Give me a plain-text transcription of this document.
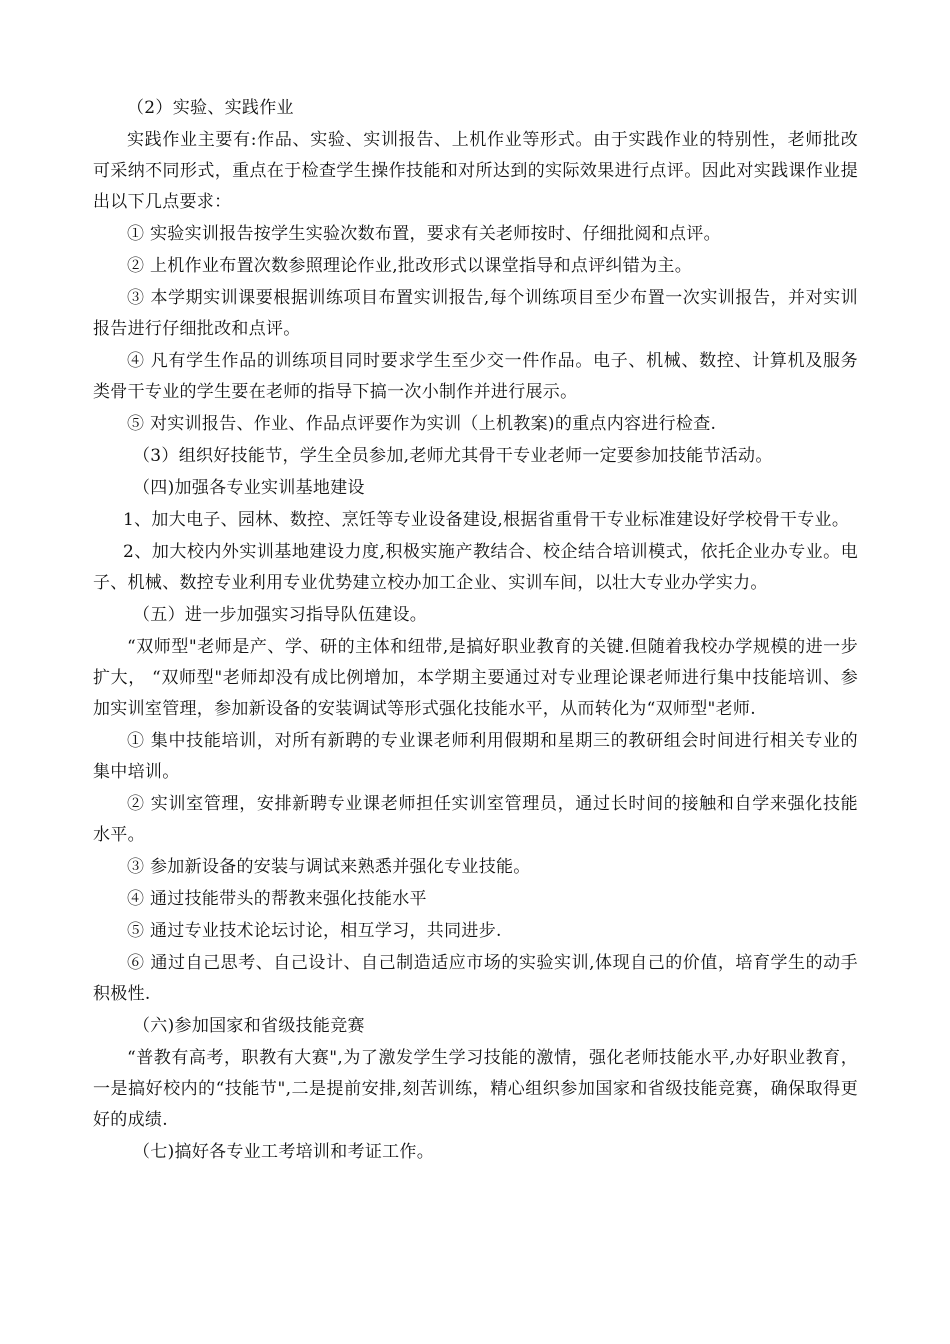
（2）实验、实践作业

实践作业主要有:作品、实验、实训报告、上机作业等形式。由于实践作业的特别性，老师批改可采纳不同形式，重点在于检查学生操作技能和对所达到的实际效果进行点评。因此对实践课作业提出以下几点要求：

① 实验实训报告按学生实验次数布置，要求有关老师按时、仔细批阅和点评。

② 上机作业布置次数参照理论作业,批改形式以课堂指导和点评纠错为主。

③ 本学期实训课要根据训练项目布置实训报告,每个训练项目至少布置一次实训报告，并对实训报告进行仔细批改和点评。

④ 凡有学生作品的训练项目同时要求学生至少交一件作品。电子、机械、数控、计算机及服务类骨干专业的学生要在老师的指导下搞一次小制作并进行展示。

⑤ 对实训报告、作业、作品点评要作为实训（上机教案)的重点内容进行检查.

（3）组织好技能节，学生全员参加,老师尤其骨干专业老师一定要参加技能节活动。

（四)加强各专业实训基地建设

1、加大电子、园林、数控、烹饪等专业设备建设,根据省重骨干专业标准建设好学校骨干专业。

2、加大校内外实训基地建设力度,积极实施产教结合、校企结合培训模式，依托企业办专业。电子、机械、数控专业利用专业优势建立校办加工企业、实训车间，以壮大专业办学实力。

（五）进一步加强实习指导队伍建设。

“双师型"老师是产、学、研的主体和纽带,是搞好职业教育的关键.但随着我校办学规模的进一步扩大， “双师型"老师却没有成比例增加，本学期主要通过对专业理论课老师进行集中技能培训、参加实训室管理，参加新设备的安装调试等形式强化技能水平，从而转化为“双师型"老师.

① 集中技能培训，对所有新聘的专业课老师利用假期和星期三的教研组会时间进行相关专业的集中培训。

② 实训室管理，安排新聘专业课老师担任实训室管理员，通过长时间的接触和自学来强化技能水平。

③ 参加新设备的安装与调试来熟悉并强化专业技能。

④ 通过技能带头的帮教来强化技能水平

⑤ 通过专业技术论坛讨论，相互学习，共同进步.

⑥ 通过自己思考、自己设计、自己制造适应市场的实验实训,体现自己的价值，培育学生的动手积极性.

（六)参加国家和省级技能竞赛

“普教有高考，职教有大赛",为了激发学生学习技能的激情，强化老师技能水平,办好职业教育，一是搞好校内的“技能节",二是提前安排,刻苦训练，精心组织参加国家和省级技能竞赛，确保取得更好的成绩.

（七)搞好各专业工考培训和考证工作。
